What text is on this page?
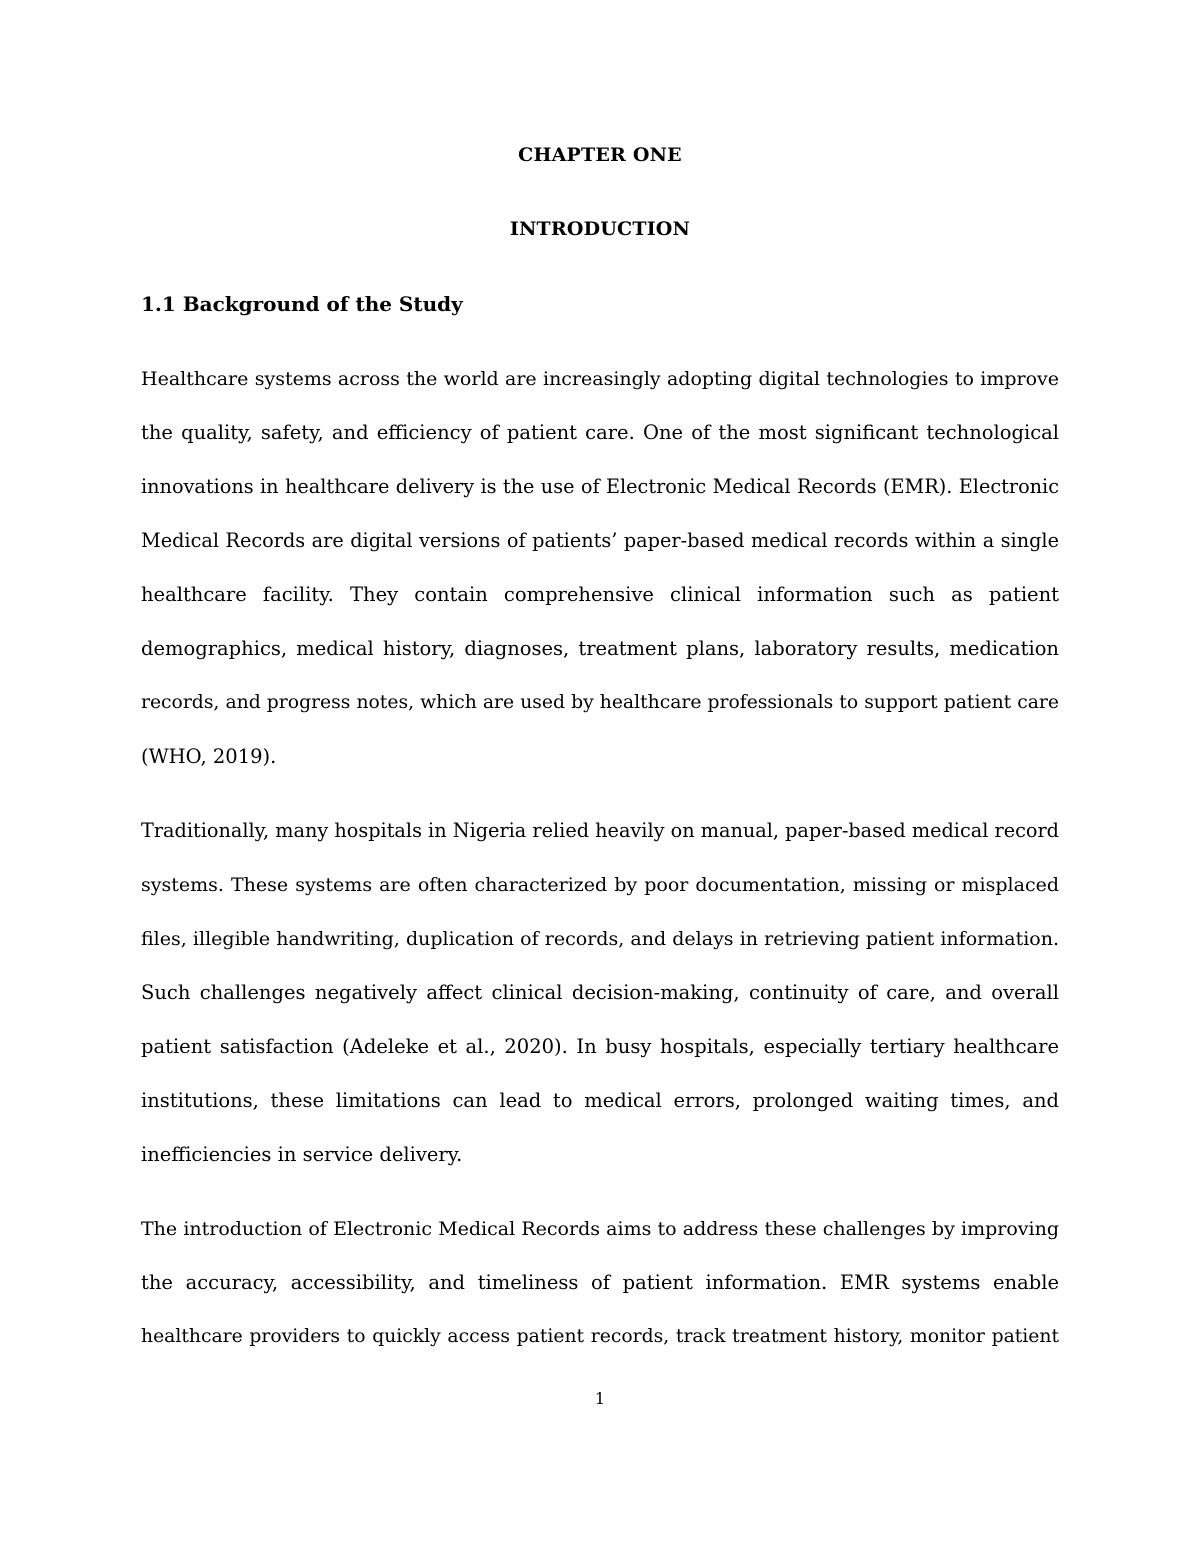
CHAPTER ONE
INTRODUCTION
1.1 Background of the Study
Healthcare systems across the world are increasingly adopting digital technologies to improve
the quality, safety, and efficiency of patient care. One of the most significant technological
innovations in healthcare delivery is the use of Electronic Medical Records (EMR). Electronic
Medical Records are digital versions of patients’ paper-based medical records within a single
healthcare facility. They contain comprehensive clinical information such as patient
demographics, medical history, diagnoses, treatment plans, laboratory results, medication
records, and progress notes, which are used by healthcare professionals to support patient care
(WHO, 2019).
Traditionally, many hospitals in Nigeria relied heavily on manual, paper-based medical record
systems. These systems are often characterized by poor documentation, missing or misplaced
files, illegible handwriting, duplication of records, and delays in retrieving patient information.
Such challenges negatively affect clinical decision-making, continuity of care, and overall
patient satisfaction (Adeleke et al., 2020). In busy hospitals, especially tertiary healthcare
institutions, these limitations can lead to medical errors, prolonged waiting times, and
inefficiencies in service delivery.
The introduction of Electronic Medical Records aims to address these challenges by improving
the accuracy, accessibility, and timeliness of patient information. EMR systems enable
healthcare providers to quickly access patient records, track treatment history, monitor patient
1
